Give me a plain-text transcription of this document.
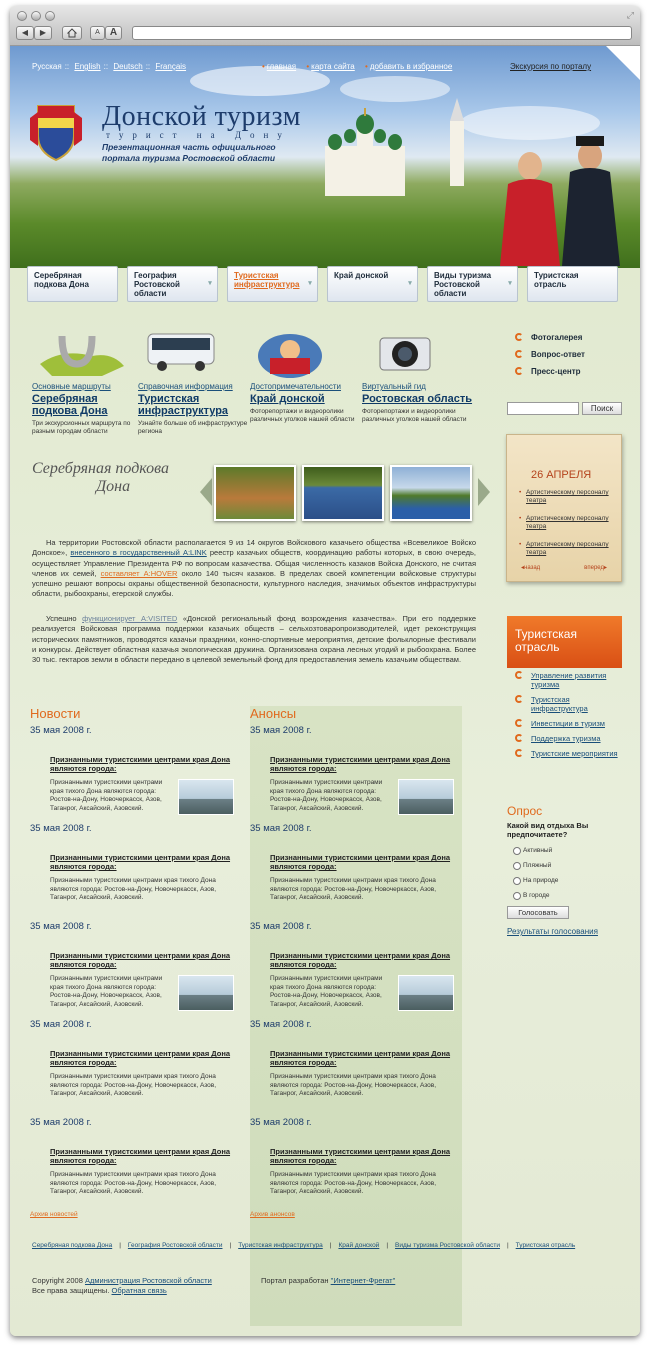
⤢
◀	▶	A	A
Русская :: English :: Deutsch :: Français	• главная • карта сайта • добавить в избранное	Экскурсия по порталу
Донской туризм
турист на Дону
Презентационная часть официального портала туризма Ростовской области
Серебряная подкова Дона
География Ростовской области
▾
Туристская инфраструктура	▾
Край донской
▾
Виды туризма Ростовской области
▾
Туристская отрасль
Основные маршруты
Серебряная подкова Дона
Три экскурсионных маршрута по разным городам области
Справочная информация
Туристская инфраструктура
Узнайте больше об инфраструктуре региона
Достопримечательности
Край донской
Фоторепортажи и видеоролики различных уголков нашей области
Виртуальный гид
Ростовская область
Фоторепортажи и видеоролики различных уголков нашей области
Серебряная подкова
Дона
На территории Ростовской области располагается 9 из 14 округов Войскового казачьего общества «Всевеликое Войско Донское», внесенного в государственный A:LINK реестр казачьих обществ, координацию работы которых, в свою очередь, осуществляет Управление Президента РФ по вопросам казачества. Общая численность казаков Войска Донского, не считая членов их семей, составляет A:HOVER около 140 тысяч казаков. В пределах своей компетенции войсковые структуры успешно решают вопросы охраны общественной безопасности, культурного наследия, значимых объектов инфраструктуры области, рыбоохраны, егерской службы.
Успешно функционирует A:VISITED «Донской региональный фонд возрождения казачества». При его поддержке реализуется Войсковая программа поддержки казачьих обществ – сельхозтоваропроизводителей, идет реконструкция исторических памятников, проводятся казачьи праздники, конно-спортивные мероприятия, детские фольклорные фестивали и конкурсы. Действует областная казачья экологическая дружина. Организована охрана лесных угодий и рыбоохрана. Более 30 тыс. гектаров земли в области передано в целевой земельный фонд для предоставления земель казачьим обществам.
Новости
35 мая 2008 г.
Признанными туристскими центрами края Дона являются города:
Признанными туристскими центрами края тихого Дона являются города: Ростов-на-Дону, Новочеркасск, Азов, Таганрог, Аксайский, Азовский.
35 мая 2008 г.
Признанными туристскими центрами края Дона являются города:
Признанными туристскими центрами края тихого Дона являются города: Ростов-на-Дону, Новочеркасск, Азов, Таганрог, Аксайский, Азовский.
35 мая 2008 г.
Признанными туристскими центрами края Дона являются города:
Признанными туристскими центрами края тихого Дона являются города: Ростов-на-Дону, Новочеркасск, Азов, Таганрог, Аксайский, Азовский.
35 мая 2008 г.
Признанными туристскими центрами края Дона являются города:
Признанными туристскими центрами края тихого Дона являются города: Ростов-на-Дону, Новочеркасск, Азов, Таганрог, Аксайский, Азовский.
35 мая 2008 г.
Признанными туристскими центрами края Дона являются города:
Признанными туристскими центрами края тихого Дона являются города: Ростов-на-Дону, Новочеркасск, Азов, Таганрог, Аксайский, Азовский.
Архив новостей
Анонсы
35 мая 2008 г.
Признанными туристскими центрами края Дона являются города:
Признанными туристскими центрами края тихого Дона являются города: Ростов-на-Дону, Новочеркасск, Азов, Таганрог, Аксайский, Азовский.
35 мая 2008 г.
Признанными туристскими центрами края Дона являются города:
Признанными туристскими центрами края тихого Дона являются города: Ростов-на-Дону, Новочеркасск, Азов, Таганрог, Аксайский, Азовский.
35 мая 2008 г.
Признанными туристскими центрами края Дона являются города:
Признанными туристскими центрами края тихого Дона являются города: Ростов-на-Дону, Новочеркасск, Азов, Таганрог, Аксайский, Азовский.
35 мая 2008 г.
Признанными туристскими центрами края Дона являются города:
Признанными туристскими центрами края тихого Дона являются города: Ростов-на-Дону, Новочеркасск, Азов, Таганрог, Аксайский, Азовский.
35 мая 2008 г.
Признанными туристскими центрами края Дона являются города:
Признанными туристскими центрами края тихого Дона являются города: Ростов-на-Дону, Новочеркасск, Азов, Таганрог, Аксайский, Азовский.
Архив анонсов
Фотогалерея
Вопрос-ответ
Пресс-центр
Поиск
26 АПРЕЛЯ
• Артистическому персоналу театра
• Артистическому персоналу театра
• Артистическому персоналу театра
◂назад	вперед▸
Туристская отрасль
Управление развития туризма
Туристская инфраструктура
Инвестиции в туризм
Поддержка туризма
Туристские мероприятия
Опрос
Какой вид отдыха Вы предпочитаете?
Активный
Пляжный
На природе
В городе
Голосовать
Результаты голосования
Серебряная подкова Дона | География Ростовской области | Туристская инфраструктура | Край донской | Виды туризма Ростовской области | Туристская отрасль
Copyright 2008 Администрация Ростовской области
Все права защищены. Обратная связь
Портал разработан "Интернет-Фрегат"
